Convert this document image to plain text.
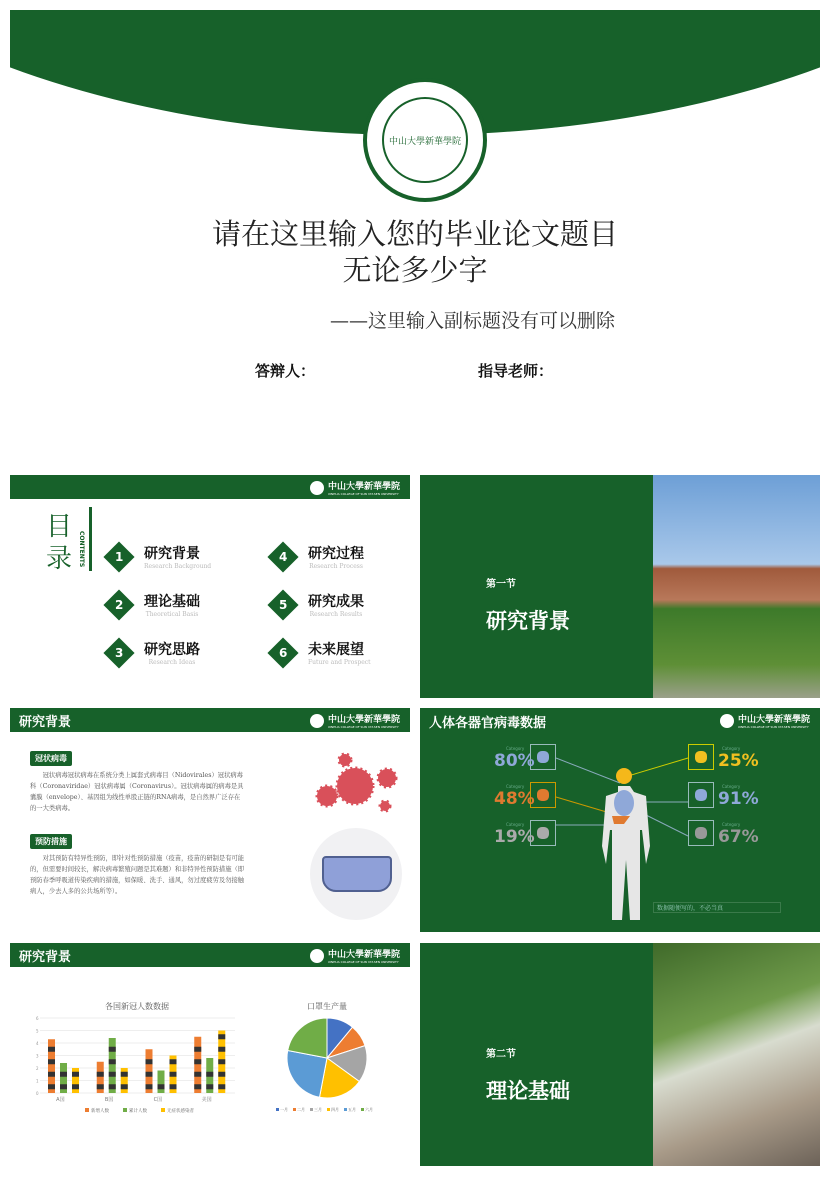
中山大學新華學院
请在这里输入您的毕业论文题目
无论多少字
——这里输入副标题没有可以删除
答辩人：	指导老师：
中山大學新華學院
XINHUA COLLEGE OF SUN YAT-SEN UNIVERSITY
目
录 CONTENTS 1 研究背景
Research Background
2 理论基础
Theoretical Basis
3 研究思路
Research Ideas
4 研究过程
Research Process
5 研究成果
Research Results
6 未来展望
Future and Prospect
第一节
研究背景
研究背景	中山大學新華學院
XINHUA COLLEGE OF SUN YAT-SEN UNIVERSITY
冠状病毒
冠状病毒冠状病毒在系统分类上属套式病毒目（Nidovirales）冠状病毒科（Coronaviridae）冠状病毒属（Coronavirus）。冠状病毒属的病毒是具囊膜（envelope）、基因组为线性单股正链的RNA病毒，是自然界广泛存在的一大类病毒。
预防措施
对其预防有特异性预防，即针对性预防措施（疫苗，疫苗的研制是有可能的，但需要时间较长，解决病毒繁殖问题是其难题）和非特异性预防措施（即预防春季呼吸道传染疾病的措施，如保暖、洗手、通风，勿过度疲劳及勿接触病人，少去人多的公共场所等）。
人体各器官病毒数据	中山大學新華學院
XINHUA COLLEGE OF SUN YAT-SEN UNIVERSITY
Category
80%
Category
48%
Category
19%
Category
25%
Category
91%
Category
67%
数据随便写的，不必当真
研究背景	中山大學新華學院
XINHUA COLLEGE OF SUN YAT-SEN UNIVERSITY
各国新冠人数数据
0
1
2
3
4
5
6
A国	B国	C国	美国
新增人数	累计人数	无症状感染者
口罩生产量
一月 二月 三月 四月 五月 六月
第二节
理论基础
